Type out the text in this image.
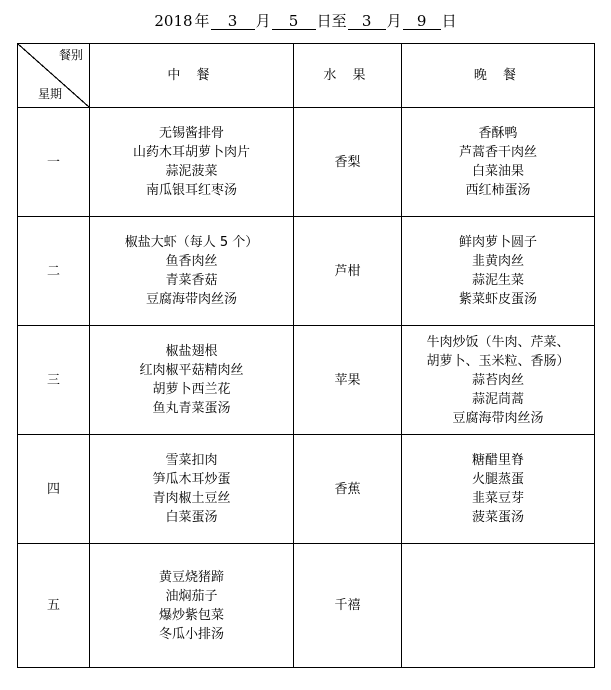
2018 年 3 月 5 日至 3 月 9 日
餐别
星期	中 餐	水 果	晚 餐
一	无锡酱排骨
山药木耳胡萝卜肉片
蒜泥菠菜
南瓜银耳红枣汤	香梨	香酥鸭
芦蒿香干肉丝
白菜油果
西红柿蛋汤

二	椒盐大虾（每人 5 个）
鱼香肉丝
青菜香菇
豆腐海带肉丝汤	芦柑	鲜肉萝卜圆子
韭黄肉丝
蒜泥生菜
紫菜虾皮蛋汤

三	椒盐翅根
红肉椒平菇精肉丝
胡萝卜西兰花
鱼丸青菜蛋汤	苹果	牛肉炒饭（牛肉、芹菜、
胡萝卜、玉米粒、香肠）
蒜苔肉丝
蒜泥茼蒿
豆腐海带肉丝汤

四	雪菜扣肉
笋瓜木耳炒蛋
青肉椒土豆丝
白菜蛋汤	香蕉	糖醋里脊
火腿蒸蛋
韭菜豆芽
菠菜蛋汤

五	黄豆烧猪蹄
油焖茄子
爆炒紫包菜
冬瓜小排汤	千禧	
